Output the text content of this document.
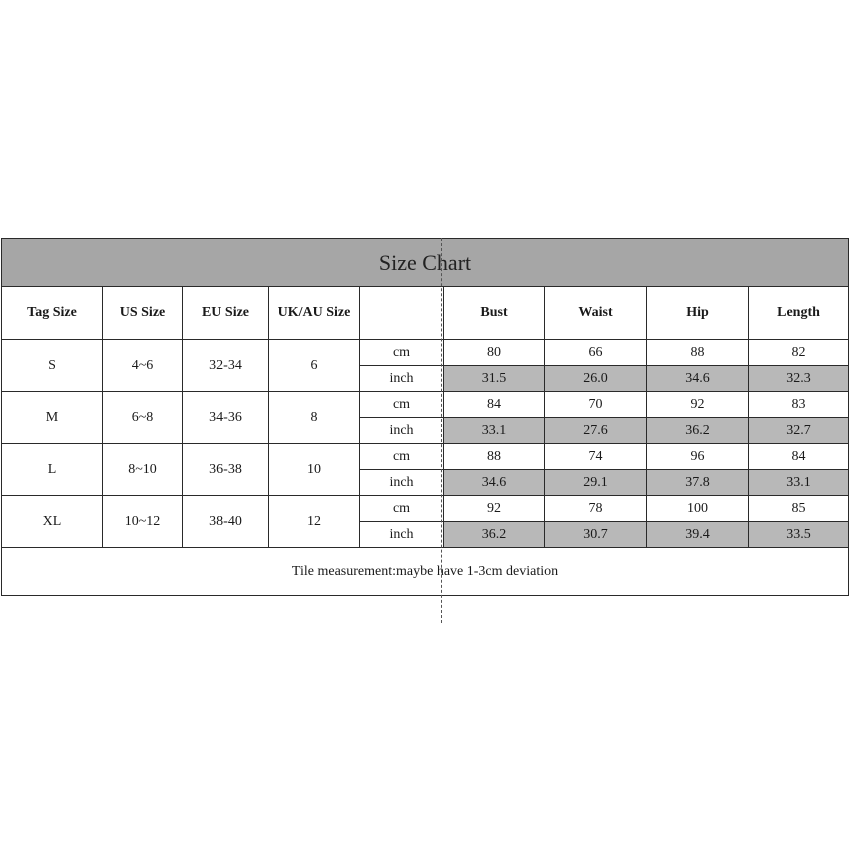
Size Chart								
Tag Size	US Size	EU Size	UK/AU Size		Bust	Waist	Hip	Length
S	4~6	32-34	6	cm	80	66	88	82
				inch	31.5	26.0	34.6	32.3
M	6~8	34-36	8	cm	84	70	92	83
				inch	33.1	27.6	36.2	32.7
L	8~10	36-38	10	cm	88	74	96	84
				inch	34.6	29.1	37.8	33.1
XL	10~12	38-40	12	cm	92	78	100	85
				inch	36.2	30.7	39.4	33.5
Tile measurement:maybe have 1-3cm deviation								
